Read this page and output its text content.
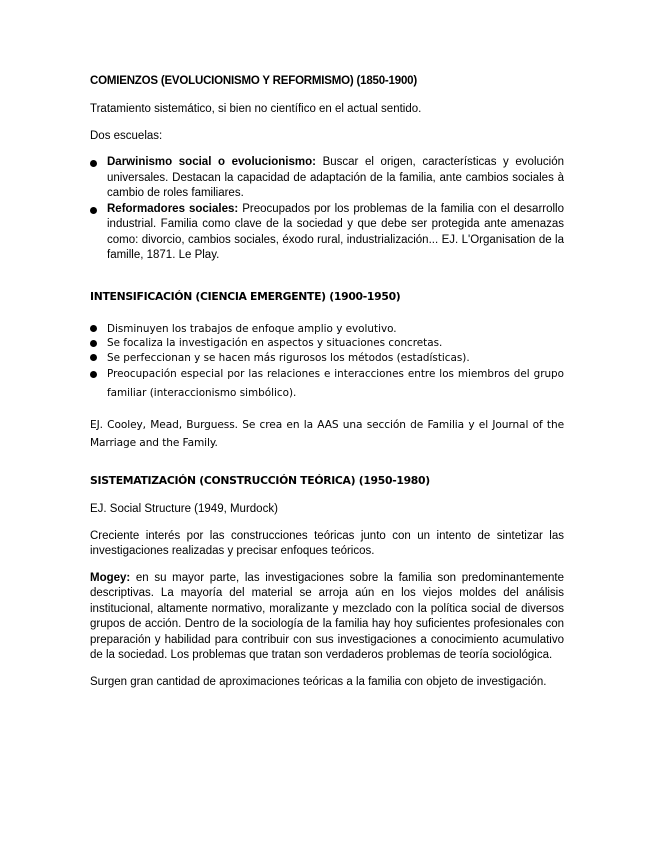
COMIENZOS (EVOLUCIONISMO Y REFORMISMO) (1850-1900)

Tratamiento sistemático, si bien no científico en el actual sentido.

Dos escuelas:

Darwinismo social o evolucionismo: Buscar el origen, características y evolución universales. Destacan la capacidad de adaptación de la familia, ante cambios sociales à cambio de roles familiares.
Reformadores sociales: Preocupados por los problemas de la familia con el desarrollo industrial. Familia como clave de la sociedad y que debe ser protegida ante amenazas como: divorcio, cambios sociales, éxodo rural, industrialización... EJ. L'Organisation de la famille, 1871. Le Play.
INTENSIFICACIÓN (CIENCIA EMERGENTE) (1900-1950)
Disminuyen los trabajos de enfoque amplio y evolutivo.
Se focaliza la investigación en aspectos y situaciones concretas.
Se perfeccionan y se hacen más rigurosos los métodos (estadísticas).
Preocupación especial por las relaciones e interacciones entre los miembros del grupo familiar (interaccionismo simbólico).

EJ. Cooley, Mead, Burguess. Se crea en la AAS una sección de Familia y el Journal of the Marriage and the Family.

SISTEMATIZACIÓN (CONSTRUCCIÓN TEÓRICA) (1950-1980)

EJ. Social Structure (1949, Murdock)

Creciente interés por las construcciones teóricas junto con un intento de sintetizar las investigaciones realizadas y precisar enfoques teóricos.

Mogey: en su mayor parte, las investigaciones sobre la familia son predominantemente descriptivas. La mayoría del material se arroja aún en los viejos moldes del análisis institucional, altamente normativo, moralizante y mezclado con la política social de diversos grupos de acción. Dentro de la sociología de la familia hay hoy suficientes profesionales con preparación y habilidad para contribuir con sus investigaciones a conocimiento acumulativo de la sociedad. Los problemas que tratan son verdaderos problemas de teoría sociológica.

Surgen gran cantidad de aproximaciones teóricas a la familia con objeto de investigación.
